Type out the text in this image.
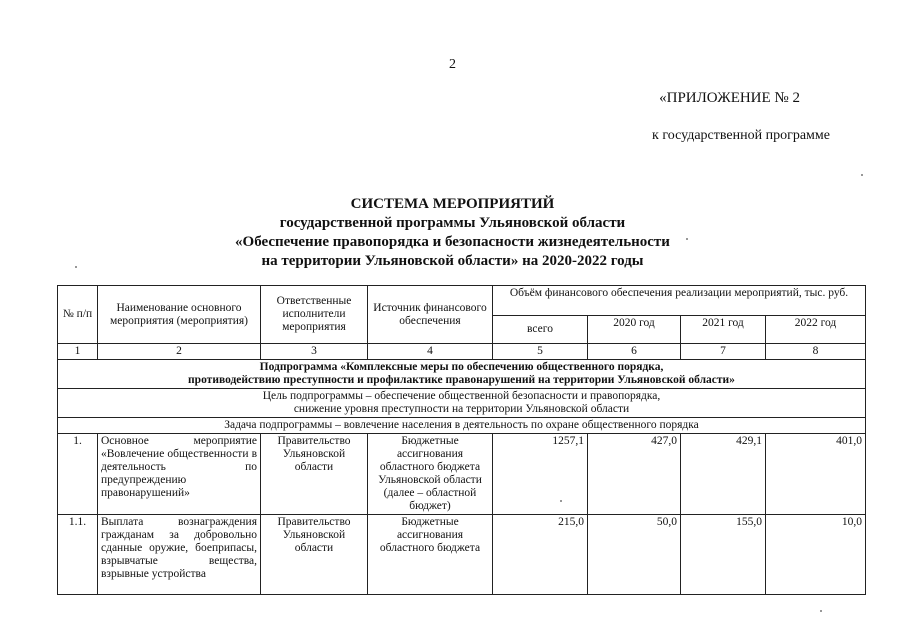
2
«ПРИЛОЖЕНИЕ № 2
к государственной программе
СИСТЕМА МЕРОПРИЯТИЙ
государственной программы Ульяновской области
«Обеспечение правопорядка и безопасности жизнедеятельности
на территории Ульяновской области» на 2020-2022 годы
№ п/п	Наименование основного мероприятия (мероприятия)	Ответственные исполнители мероприятия	Источник финансового обеспечения	Объём финансового обеспечения реализации мероприятий, тыс. руб.			
				всего	2020 год	2021 год	2022 год
1	2	3	4	5	6	7	8

Подпрограмма «Комплексные меры по обеспечению общественного порядка,
противодействию преступности и профилактике правонарушений на территории Ульяновской области»							

Цель подпрограммы – обеспечение общественной безопасности и правопорядка,
снижение уровня преступности на территории Ульяновской области							

Задача подпрограммы – вовлечение населения в деятельность по охране общественного порядка							
1.	Основное мероприятие «Вовлечение общественности в деятельность по предупреждению правонарушений»	Правительство Ульяновской области	Бюджетные ассигнования областного бюджета Ульяновской области (далее – областной бюджет)	1257,1	427,0	429,1	401,0
1.1.	Выплата вознаграждения гражданам за добровольно сданные оружие, боеприпасы, взрывчатые вещества, взрывные устройства	Правительство Ульяновской области	Бюджетные ассигнования областного бюджета	215,0	50,0	155,0	10,0
